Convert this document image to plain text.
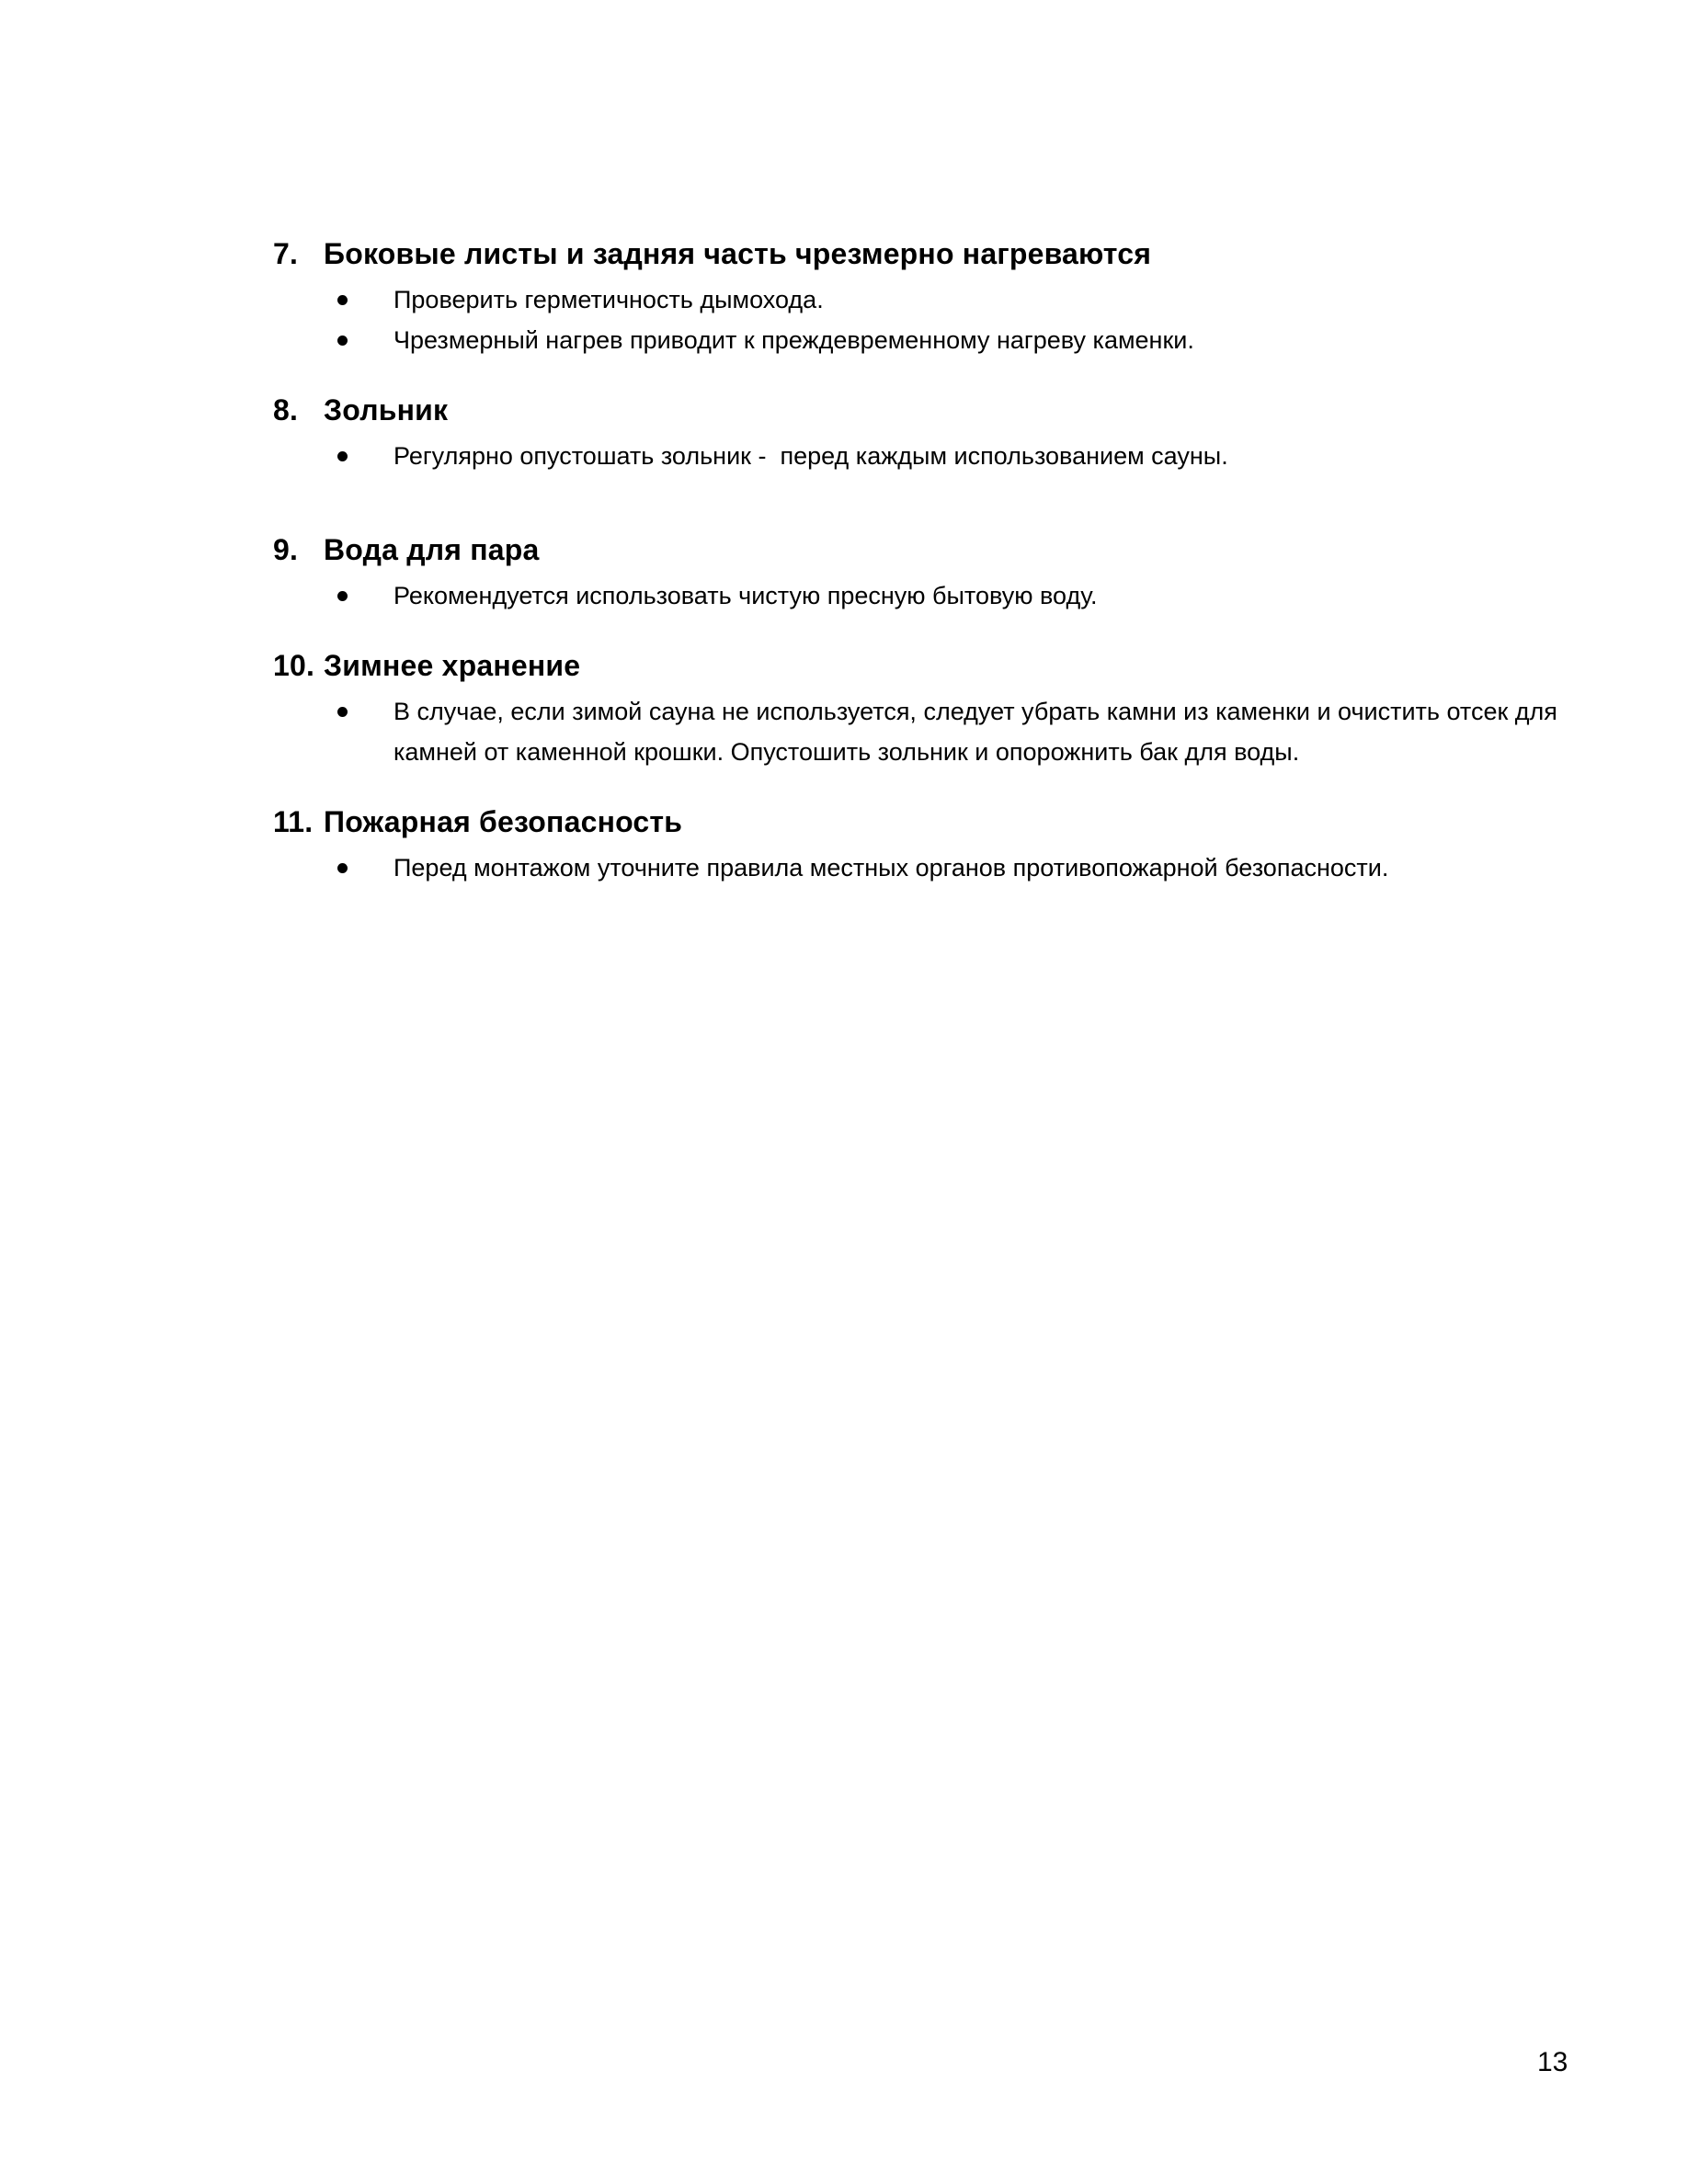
7. Боковые листы и задняя часть чрезмерно нагреваются
Проверить герметичность дымохода.
Чрезмерный нагрев приводит к преждевременному нагреву каменки.
8. Зольник
Регулярно опустошать зольник -  перед каждым использованием сауны.
9. Вода для пара
Рекомендуется использовать чистую пресную бытовую воду.
10. Зимнее хранение
В случае, если зимой сауна не используется, следует убрать камни из каменки и очистить отсек для камней от каменной крошки. Опустошить зольник и опорожнить бак для воды.
11. Пожарная безопасность
Перед монтажом уточните правила местных органов противопожарной безопасности.
13
